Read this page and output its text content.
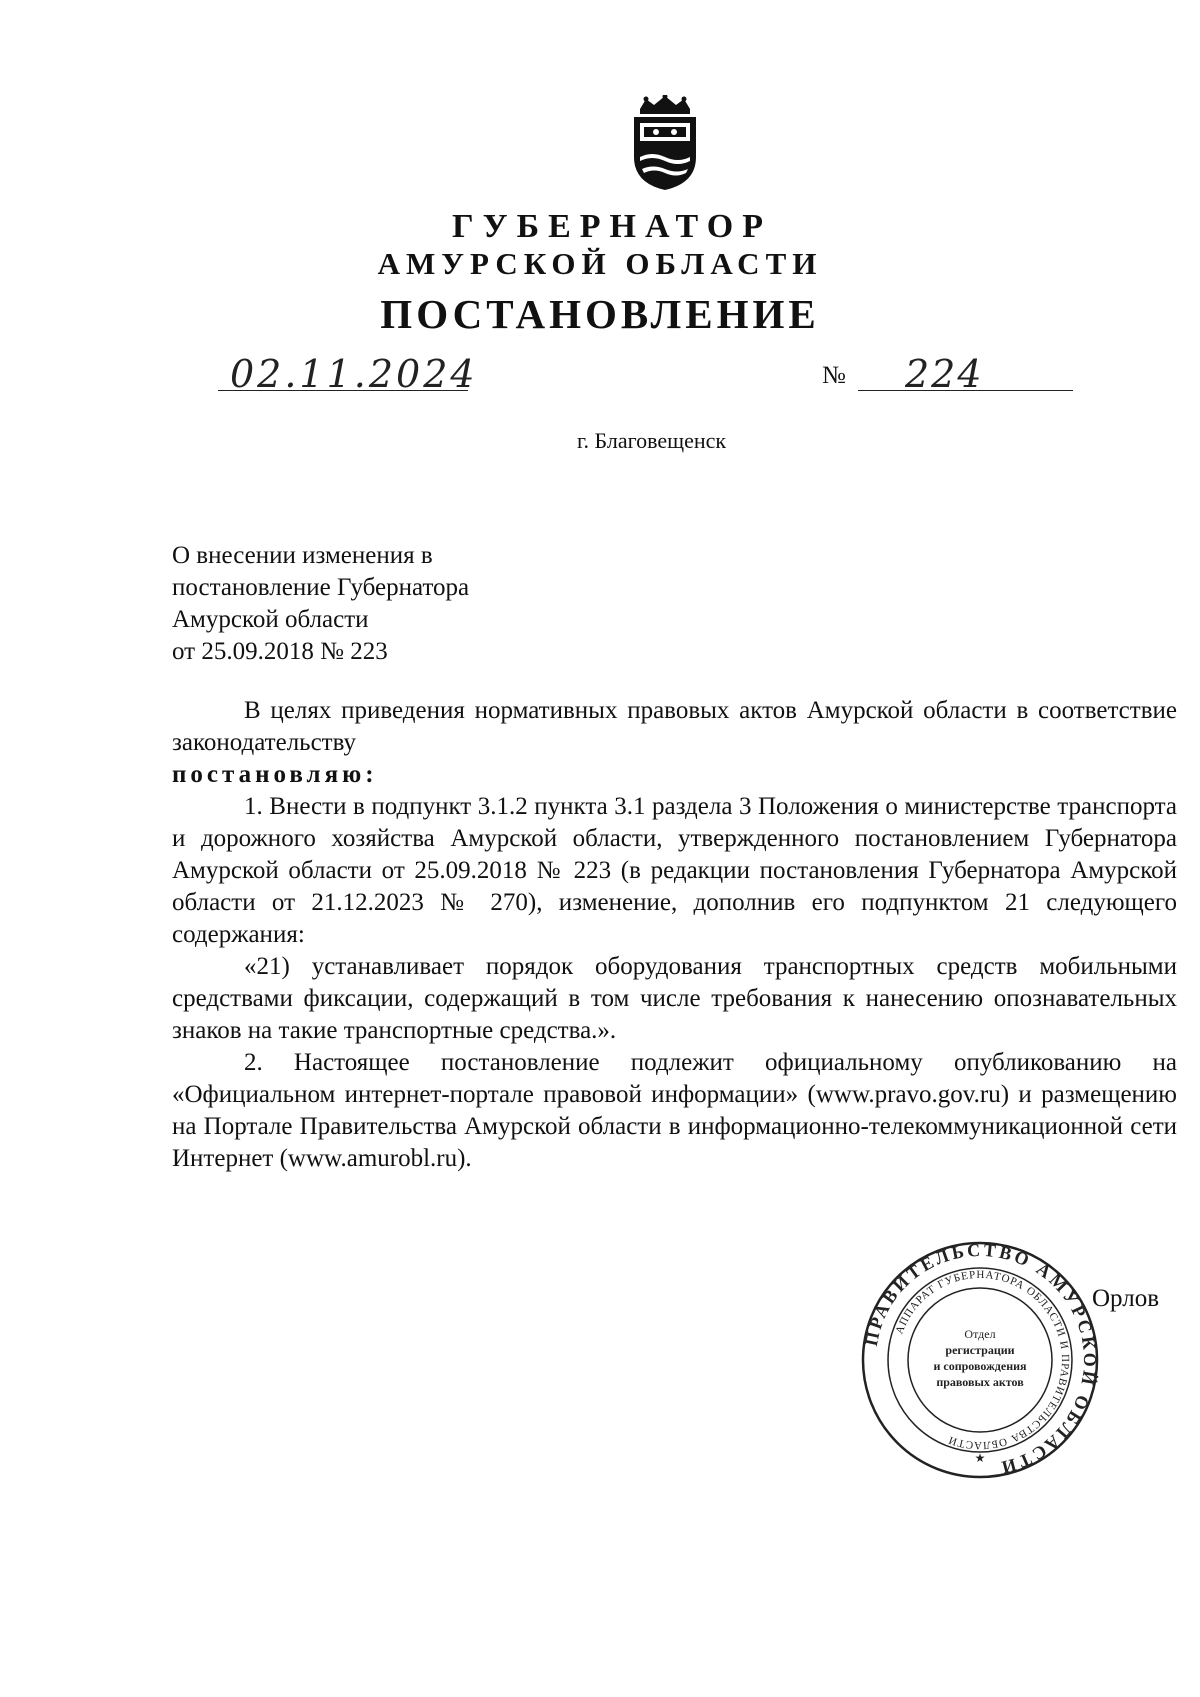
ГУБЕРНАТОР
АМУРСКОЙ ОБЛАСТИ
ПОСТАНОВЛЕНИЕ
02.11.2024	№ 224
г. Благовещенск
О внесении изменения в
постановление Губернатора
Амурской области
от 25.09.2018 № 223

В целях приведения нормативных правовых актов Амурской области в соответствие законодательству

постановляю:

1. Внести в подпункт 3.1.2 пункта 3.1 раздела 3 Положения о министерстве транспорта и дорожного хозяйства Амурской области, утвержденного постановлением Губернатора Амурской области от 25.09.2018 № 223 (в редакции постановления Губернатора Амурской области от 21.12.2023 № 270), изменение, дополнив его подпунктом 21 следующего содержания:

«21) устанавливает порядок оборудования транспортных средств мобильными средствами фиксации, содержащий в том числе требования к нанесению опознавательных знаков на такие транспортные средства.».

2. Настоящее постановление подлежит официальному опубликованию на «Официальном интернет-портале правовой информации» (www.pravo.gov.ru) и размещению на Портале Правительства Амурской области в информационно-телекоммуникационной сети Интернет (www.amurobl.ru).

ПРАВИТЕЛЬСТВО АМУРСКОЙ ОБЛАСТИ
АППАРАТ ГУБЕРНАТОРА ОБЛАСТИ И ПРАВИТЕЛЬСТВА ОБЛАСТИ
Отдел
регистрации
и сопровождения
правовых актов
★
Орлов
